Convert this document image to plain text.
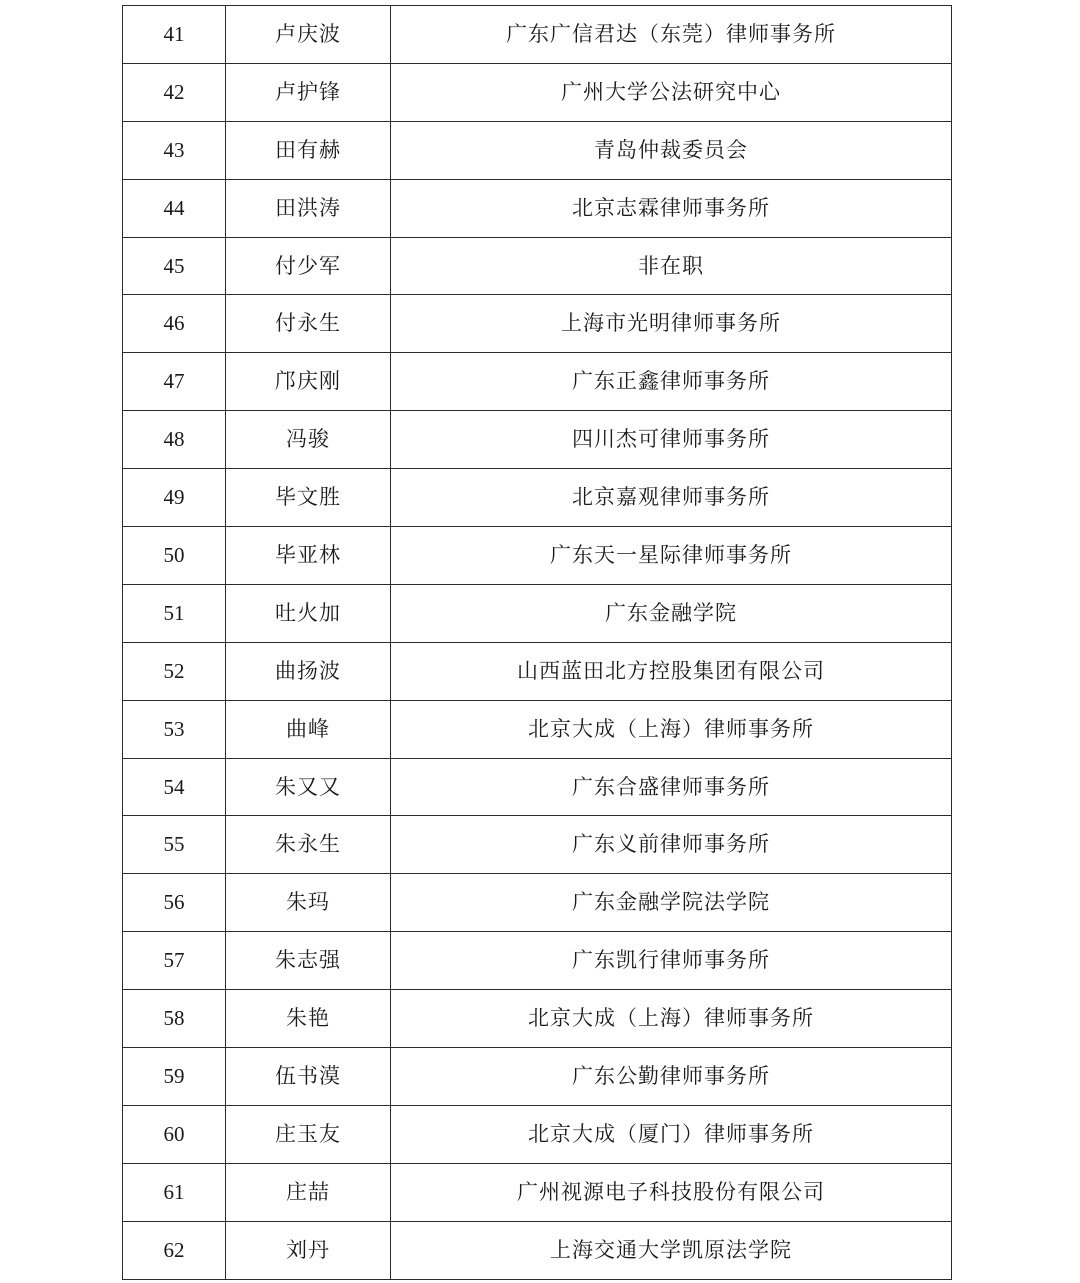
41	卢庆波	广东广信君达（东莞）律师事务所
42	卢护锋	广州大学公法研究中心
43	田有赫	青岛仲裁委员会
44	田洪涛	北京志霖律师事务所
45	付少军	非在职
46	付永生	上海市光明律师事务所
47	邝庆刚	广东正鑫律师事务所
48	冯骏	四川杰可律师事务所
49	毕文胜	北京嘉观律师事务所
50	毕亚林	广东天一星际律师事务所
51	吐火加	广东金融学院
52	曲扬波	山西蓝田北方控股集团有限公司
53	曲峰	北京大成（上海）律师事务所
54	朱又又	广东合盛律师事务所
55	朱永生	广东义前律师事务所
56	朱玛	广东金融学院法学院
57	朱志强	广东凯行律师事务所
58	朱艳	北京大成（上海）律师事务所
59	伍书漠	广东公勤律师事务所
60	庄玉友	北京大成（厦门）律师事务所
61	庄喆	广州视源电子科技股份有限公司
62	刘丹	上海交通大学凯原法学院
